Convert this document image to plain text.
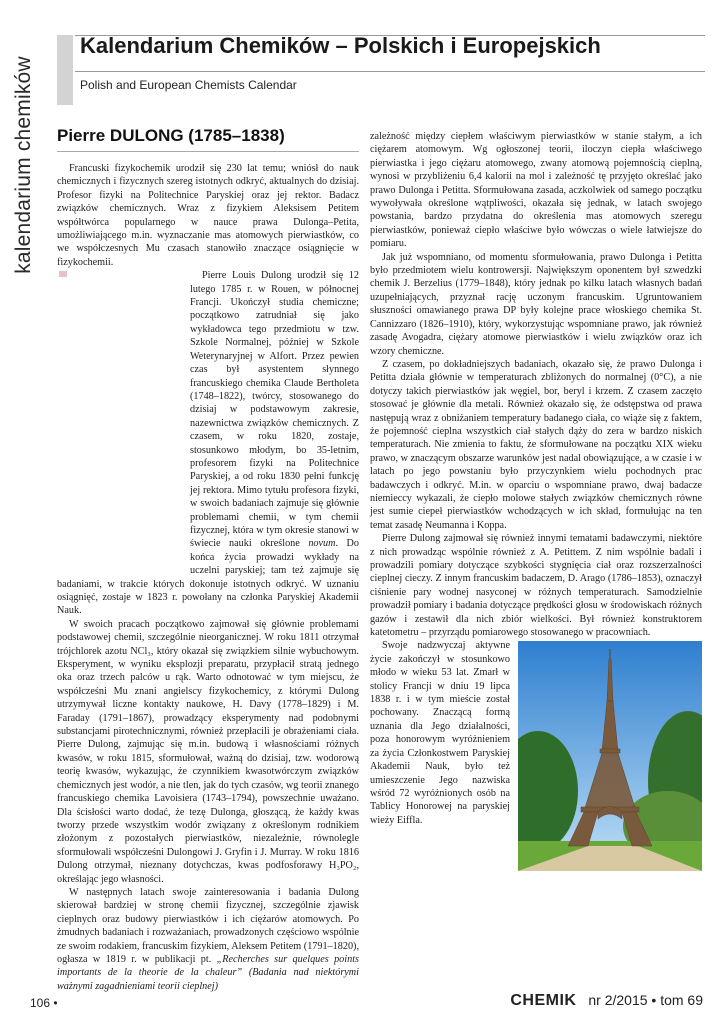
kalendarium chemików
Kalendarium Chemików – Polskich i Europejskich
Polish and European Chemists Calendar
Pierre DULONG (1785–1838)

Francuski fizykochemik urodził się 230 lat temu; wniósł do nauk chemicznych i fizycznych szereg istotnych odkryć, aktualnych do dzisiaj. Profesor fizyki na Politechnice Paryskiej oraz jej rektor. Badacz związków chemicznych. Wraz z fizykiem Aleksisem Petitem współtwórca popularnego w nauce prawa Dulonga–Petita, umożliwiającego m.in. wyznaczanie mas atomowych pierwiastków, co we współczesnych Mu czasach stanowiło znaczące osiągnięcie w fizykochemii.

Pierre Louis Dulong urodził się 12 lutego 1785 r. w Rouen, w północnej Francji. Ukończył studia chemiczne; początkowo zatrudniał się jako wykładowca tego przedmiotu w tzw. Szkole Normalnej, później w Szkole Weterynaryjnej w Alfort. Przez pewien czas był asystentem słynnego francuskiego chemika Claude Bertholeta (1748–1822), twórcy, stosowanego do dzisiaj w podstawowym zakresie, nazewnictwa związków chemicznych. Z czasem, w roku 1820, zostaje, stosunkowo młodym, bo 35-letnim, profesorem fizyki na Politechnice Paryskiej, a od roku 1830 pełni funkcję jej rektora. Mimo tytułu profesora fizyki, w swoich badaniach zajmuje się głównie problemami chemii, w tym chemii fizycznej, która w tym okresie stanowi w świecie nauki określone novum. Do końca życia prowadzi wykłady na uczelni paryskiej; tam też zajmuje się badaniami, w trakcie których dokonuje istotnych odkryć. W uznaniu osiągnięć, zostaje w 1823 r. powołany na członka Paryskiej Akademii Nauk.

W swoich pracach początkowo zajmował się głównie problemami podstawowej chemii, szczególnie nieorganicznej. W roku 1811 otrzymał trójchlorek azotu NCl₃, który okazał się związkiem silnie wybuchowym. Eksperyment, w wyniku eksplozji preparatu, przypłacił stratą jednego oka oraz trzech palców u rąk. Warto odnotować w tym miejscu, że współcześni Mu znani angielscy fizykochemicy, z którymi Dulong utrzymywał liczne kontakty naukowe, H. Davy (1778–1829) i M. Faraday (1791–1867), prowadzący eksperymenty nad podobnymi substancjami pirotechnicznymi, również przepłacili je obrażeniami ciała. Pierre Dulong, zajmując się m.in. budową i własnościami różnych kwasów, w roku 1815, sformułował, ważną do dzisiaj, tzw. wodorową teorię kwasów, wykazując, że czynnikiem kwasotwórczym związków chemicznych jest wodór, a nie tlen, jak do tych czasów, wg teorii znanego francuskiego chemika Lavoisiera (1743–1794), powszechnie uważano. Dla ścisłości warto dodać, że tezę Dulonga, głoszącą, że każdy kwas tworzy przede wszystkim wodór związany z określonym rodnikiem złożonym z pozostałych pierwiastków, niezależnie, równolegle sformułowali współcześni Dulongowi J. Gryfin i J. Murray. W roku 1816 Dulong otrzymał, nieznany dotychczas, kwas podfosforawy H₃PO₂, określając jego własności.

W następnych latach swoje zainteresowania i badania Dulong skierował bardziej w stronę chemii fizycznej, szczególnie zjawisk cieplnych oraz budowy pierwiastków i ich ciężarów atomowych. Po żmudnych badaniach i rozważaniach, prowadzonych częściowo wspólnie ze swoim rodakiem, francuskim fizykiem, Aleksem Petitem (1791–1820), ogłasza w 1819 r. w publikacji pt. „Recherches sur quelques points importants de la theorie de la chaleur” (Badania nad niektórymi ważnymi zagadnieniami teorii cieplnej)

zależność między ciepłem właściwym pierwiastków w stanie stałym, a ich ciężarem atomowym. Wg ogłoszonej teorii, iloczyn ciepła właściwego pierwiastka i jego ciężaru atomowego, zwany atomową pojemnością cieplną, wynosi w przybliżeniu 6,4 kalorii na mol i zależność tę przyjęto określać jako prawo Dulonga i Petitta. Sformułowana zasada, aczkolwiek od samego początku wywoływała określone wątpliwości, okazała się jednak, w latach swojego powstania, bardzo przydatna do określenia mas atomowych szeregu pierwiastków, ponieważ ciepło właściwe było wówczas o wiele łatwiejsze do pomiaru.

Jak już wspomniano, od momentu sformułowania, prawo Dulonga i Petitta było przedmiotem wielu kontrowersji. Największym oponentem był szwedzki chemik J. Berzelius (1779–1848), który jednak po kilku latach własnych badań uzupełniających, przyznał rację uczonym francuskim. Ugruntowaniem słuszności omawianego prawa DP były kolejne prace włoskiego chemika St. Cannizzaro (1826–1910), który, wykorzystując wspomniane prawo, jak również zasadę Avogadra, ciężary atomowe pierwiastków i wielu związków oraz ich wzory chemiczne.

Z czasem, po dokładniejszych badaniach, okazało się, że prawo Dulonga i Petitta działa głównie w temperaturach zbliżonych do normalnej (0°C), a nie dotyczy takich pierwiastków jak węgiel, bor, beryl i krzem. Z czasem zaczęto stosować je głównie dla metali. Również okazało się, że odstępstwa od prawa następują wraz z obniżaniem temperatury badanego ciała, co wiąże się z faktem, że pojemność cieplna wszystkich ciał stałych dąży do zera w bardzo niskich temperaturach. Nie zmienia to faktu, że sformułowane na początku XIX wieku prawo, w znaczącym obszarze warunków jest nadal obowiązujące, a w czasie i w latach po jego powstaniu było przyczynkiem wielu pochodnych prac badawczych i odkryć. M.in. w oparciu o wspomniane prawo, dwaj badacze niemieccy wykazali, że ciepło molowe stałych związków chemicznych równe jest sumie ciepeł pierwiastków wchodzących w ich skład, formułując na ten temat zasadę Neumanna i Koppa.

Pierre Dulong zajmował się również innymi tematami badawczymi, niektóre z nich prowadząc wspólnie również z A. Petittem. Z nim wspólnie badali i prowadzili pomiary dotyczące szybkości stygnięcia ciał oraz rozszerzalności cieplnej cieczy. Z innym francuskim badaczem, D. Arago (1786–1853), oznaczył ciśnienie pary wodnej nasyconej w różnych temperaturach. Samodzielnie prowadził pomiary i badania dotyczące prędkości głosu w środowiskach różnych gazów i zestawił dla nich zbiór wielkości. Był również konstruktorem katetometru – przyrządu pomiarowego stosowanego w pracowniach.

Swoje nadzwyczaj aktywne życie zakończył w stosunkowo młodo w wieku 53 lat. Zmarł w stolicy Francji w dniu 19 lipca 1838 r. i w tym mieście został pochowany. Znaczącą formą uznania dla Jego działalności, poza honorowym wyróżnieniem za życia Członkostwem Paryskiej Akademii Nauk, było też umieszczenie Jego nazwiska wśród 72 wyróżnionych osób na Tablicy Honorowej na paryskiej wieży Eiffla.

106 •	CHEMIK nr 2/2015 • tom 69
